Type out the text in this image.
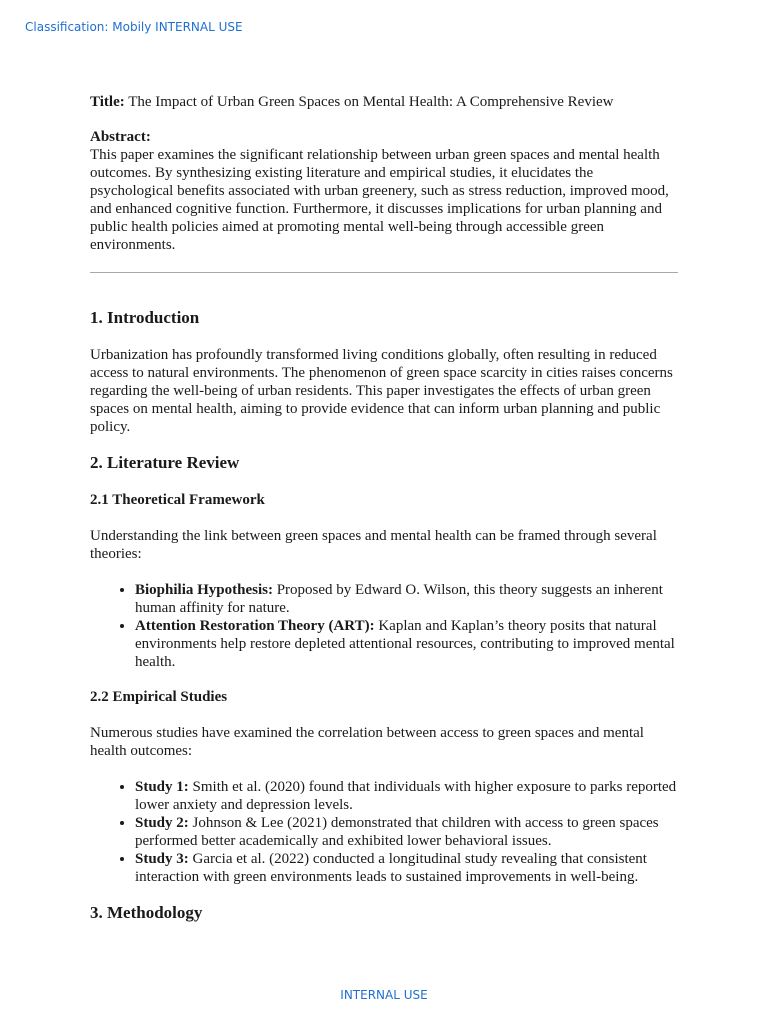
Classification: Mobily INTERNAL USE

Title: The Impact of Urban Green Spaces on Mental Health: A Comprehensive Review

Abstract:

This paper examines the significant relationship between urban green spaces and mental health outcomes. By synthesizing existing literature and empirical studies, it elucidates the psychological benefits associated with urban greenery, such as stress reduction, improved mood, and enhanced cognitive function. Furthermore, it discusses implications for urban planning and public health policies aimed at promoting mental well-being through accessible green environments.

1. Introduction

Urbanization has profoundly transformed living conditions globally, often resulting in reduced access to natural environments. The phenomenon of green space scarcity in cities raises concerns regarding the well-being of urban residents. This paper investigates the effects of urban green spaces on mental health, aiming to provide evidence that can inform urban planning and public policy.

2. Literature Review
2.1 Theoretical Framework

Understanding the link between green spaces and mental health can be framed through several theories:

• Biophilia Hypothesis: Proposed by Edward O. Wilson, this theory suggests an inherent human affinity for nature.
• Attention Restoration Theory (ART): Kaplan and Kaplan’s theory posits that natural environments help restore depleted attentional resources, contributing to improved mental health.
2.2 Empirical Studies

Numerous studies have examined the correlation between access to green spaces and mental health outcomes:

• Study 1: Smith et al. (2020) found that individuals with higher exposure to parks reported lower anxiety and depression levels.
• Study 2: Johnson & Lee (2021) demonstrated that children with access to green spaces performed better academically and exhibited lower behavioral issues.
• Study 3: Garcia et al. (2022) conducted a longitudinal study revealing that consistent interaction with green environments leads to sustained improvements in well-being.
3. Methodology
INTERNAL USE
